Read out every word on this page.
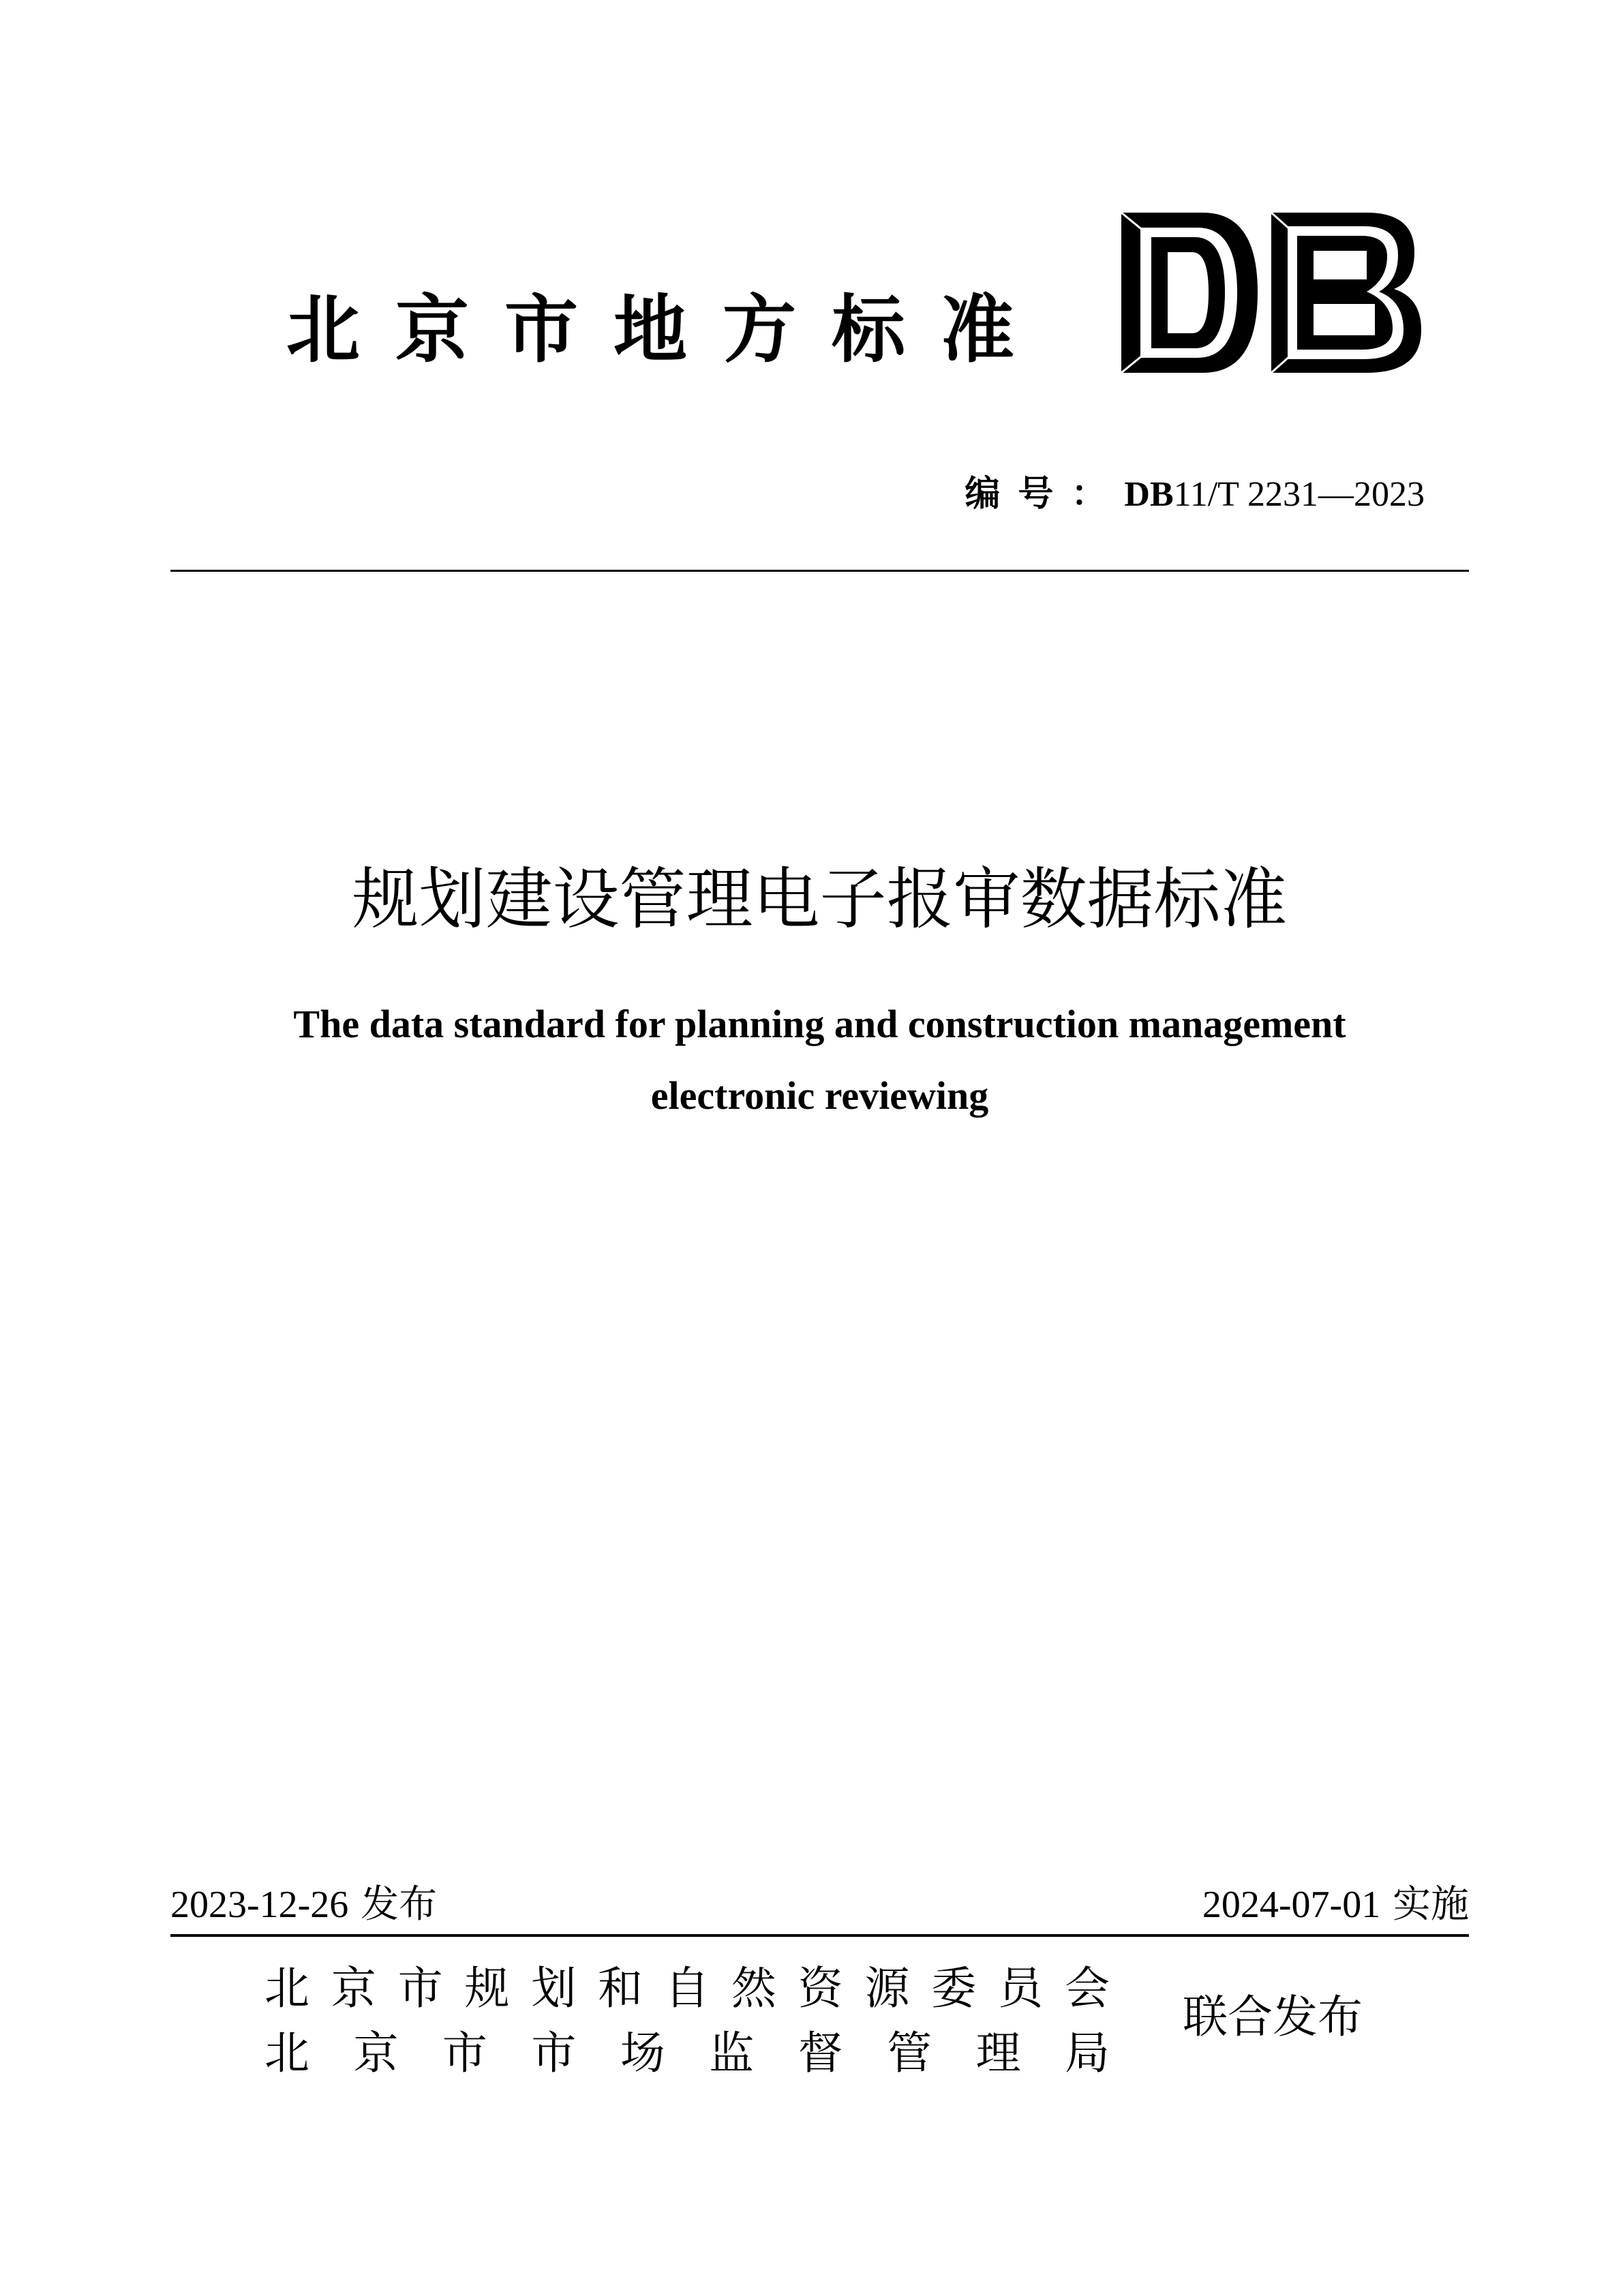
北京市地方标准
编号：DB11/T 2231—2023
规划建设管理电子报审数据标准
The data standard for planning and construction management
electronic reviewing
2023-12-26 发布	2024-07-01 实施
北 京 市 规 划 和 自 然 资 源 委 员 会
北 京 市 市 场 监 督 管 理 局
联合发布
